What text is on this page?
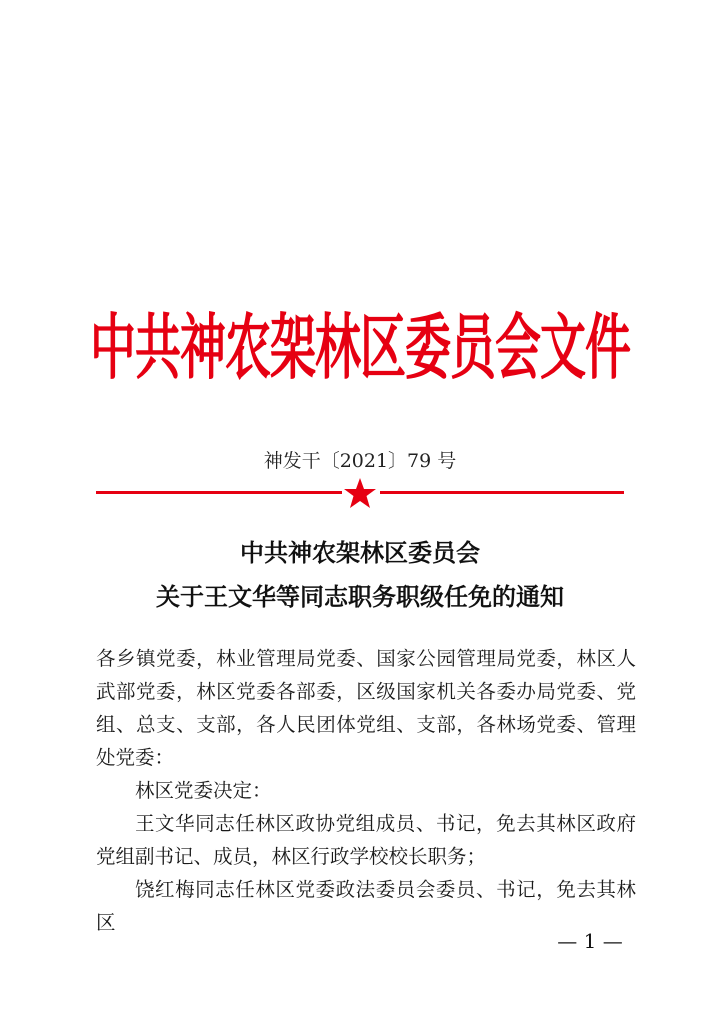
中共神农架林区委员会文件
神发干〔2021〕79 号
中共神农架林区委员会
关于王文华等同志职务职级任免的通知

各乡镇党委，林业管理局党委、国家公园管理局党委，林区人武部党委，林区党委各部委，区级国家机关各委办局党委、党组、总支、支部，各人民团体党组、支部，各林场党委、管理处党委：

林区党委决定：

王文华同志任林区政协党组成员、书记，免去其林区政府党组副书记、成员，林区行政学校校长职务；

饶红梅同志任林区党委政法委员会委员、书记，免去其林区

— 1 —
